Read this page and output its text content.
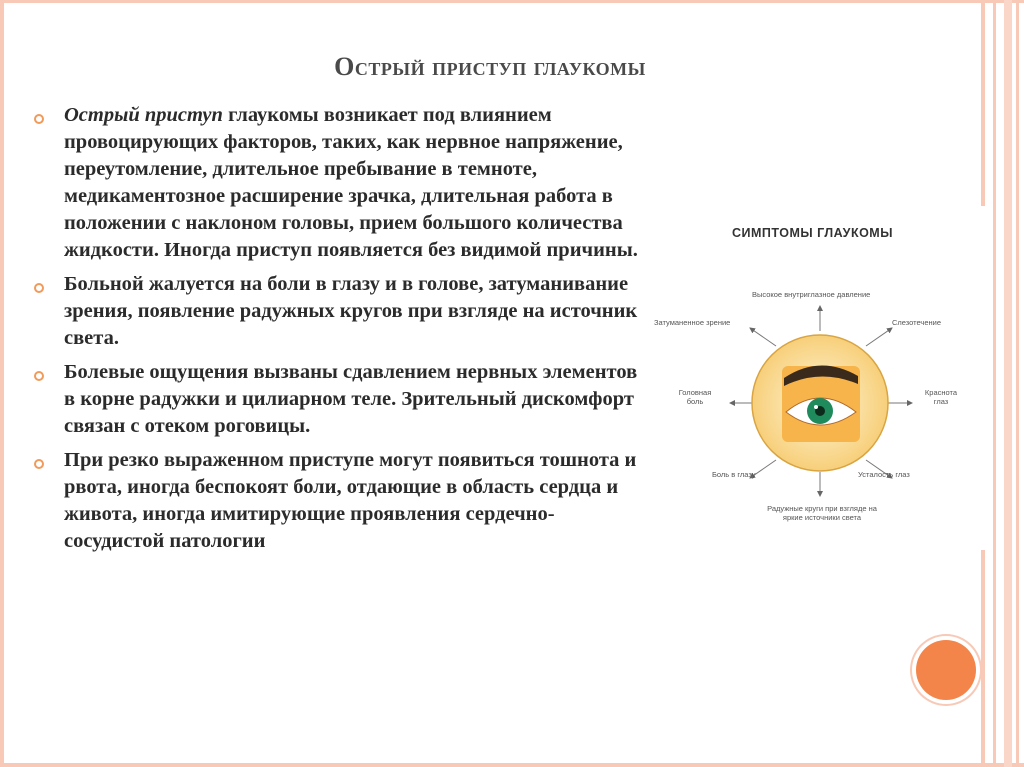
Острый приступ глаукомы
Острый приступ глаукомы возникает под влиянием провоцирующих факторов, таких, как нервное напряжение, переутомление, длительное пребывание в темноте, медикаментозное расширение зрачка, длительная работа в положении с наклоном головы, прием большого количества жидкости. Иногда приступ появляется без видимой причины.
Больной жалуется на боли в глазу и в голове, затуманивание зрения, появление радужных кругов при взгляде на источник света.
Болевые ощущения вызваны сдавлением нервных элементов в корне радужки и цилиарном теле. Зрительный дискомфорт связан с отеком роговицы.
При резко выраженном приступе могут появиться тошнота и рвота, иногда беспокоят боли, отдающие в область сердца и живота, иногда имитирующие проявления сердечно-сосудистой патологии
СИМПТОМЫ ГЛАУКОМЫ
Высокое внутриглазное давление
Затуманенное зрение	Слезотечение
Головная боль
Краснота глаз
Боль в глазу	Усталость глаз
Радужные круги при взгляде на яркие источники света
